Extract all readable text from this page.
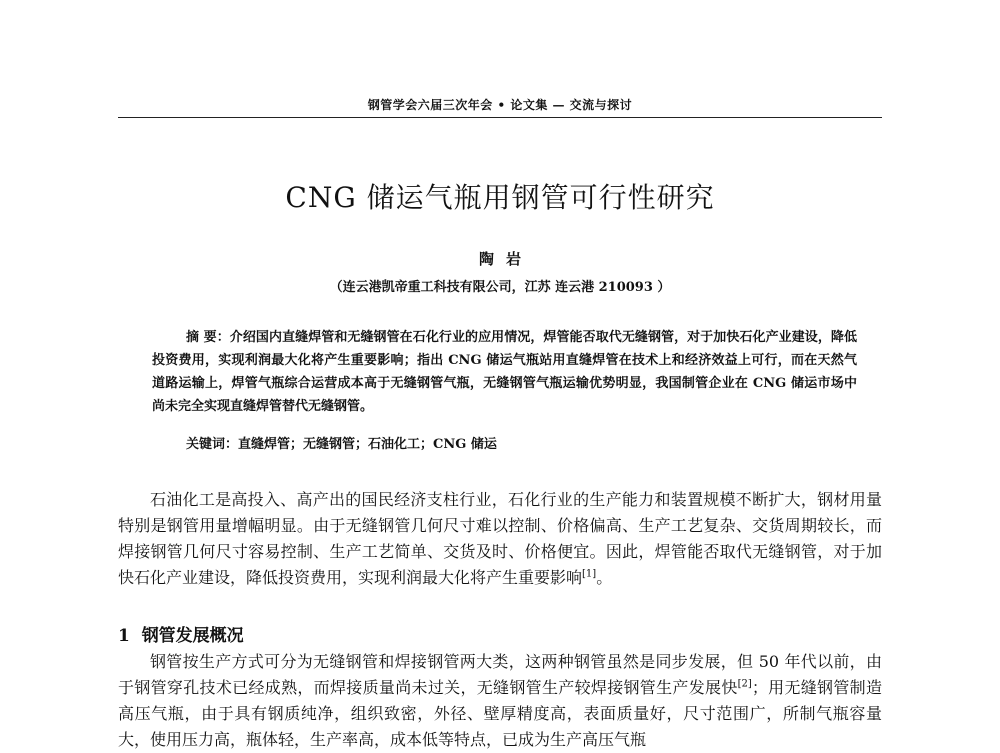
钢管学会六届三次年会 • 论文集 — 交流与探讨
CNG 储运气瓶用钢管可行性研究
陶岩
（连云港凯帝重工科技有限公司，江苏 连云港 210093 ）
摘 要：介绍国内直缝焊管和无缝钢管在石化行业的应用情况，焊管能否取代无缝钢管，对于加快石化产业建设，降低投资费用，实现利润最大化将产生重要影响；指出 CNG 储运气瓶站用直缝焊管在技术上和经济效益上可行，而在天然气道路运输上，焊管气瓶综合运营成本高于无缝钢管气瓶，无缝钢管气瓶运输优势明显，我国制管企业在 CNG 储运市场中尚未完全实现直缝焊管替代无缝钢管。
关键词：直缝焊管；无缝钢管；石油化工；CNG 储运
石油化工是高投入、高产出的国民经济支柱行业，石化行业的生产能力和装置规模不断扩大，钢材用量特别是钢管用量增幅明显。由于无缝钢管几何尺寸难以控制、价格偏高、生产工艺复杂、交货周期较长，而焊接钢管几何尺寸容易控制、生产工艺简单、交货及时、价格便宜。因此，焊管能否取代无缝钢管，对于加快石化产业建设，降低投资费用，实现利润最大化将产生重要影响[1]。
1 钢管发展概况
钢管按生产方式可分为无缝钢管和焊接钢管两大类，这两种钢管虽然是同步发展，但 50 年代以前，由于钢管穿孔技术已经成熟，而焊接质量尚未过关，无缝钢管生产较焊接钢管生产发展快[2]；用无缝钢管制造高压气瓶，由于具有钢质纯净，组织致密，外径、壁厚精度高，表面质量好，尺寸范围广，所制气瓶容量大，使用压力高，瓶体轻，生产率高，成本低等特点，已成为生产高压气瓶
